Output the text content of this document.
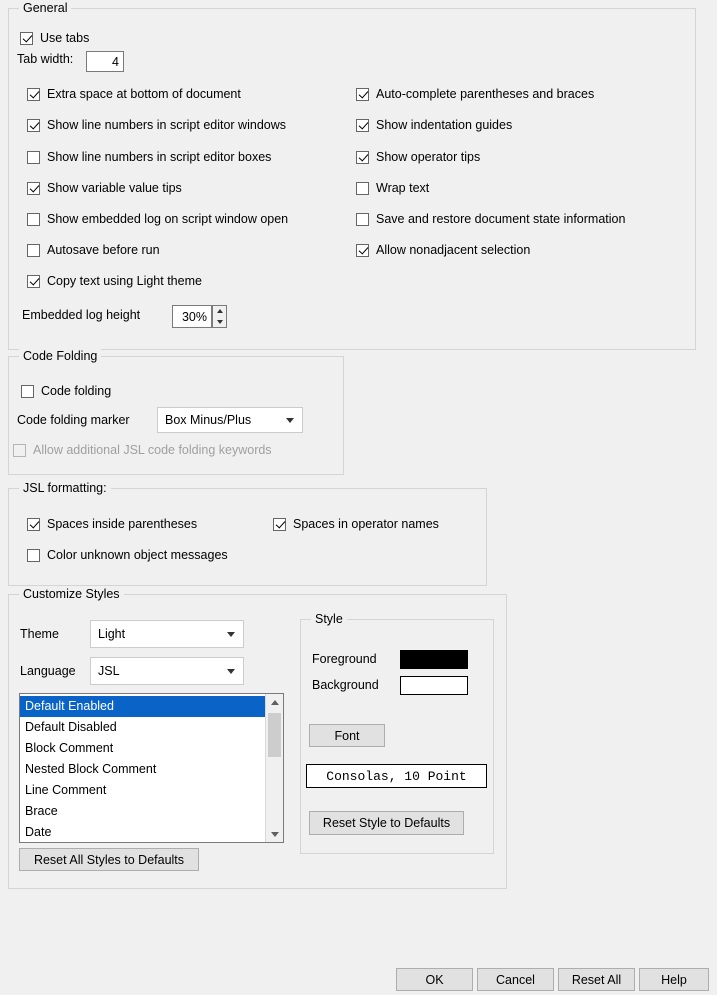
General
Use tabs
Tab width:
4
Extra space at bottom of document
Show line numbers in script editor windows
Show line numbers in script editor boxes
Show variable value tips
Show embedded log on script window open
Autosave before run
Copy text using Light theme
Auto-complete parentheses and braces
Show indentation guides
Show operator tips
Wrap text
Save and restore document state information
Allow nonadjacent selection
Embedded log height
30%
Code Folding
Code folding
Code folding marker	Box Minus/Plus
Allow additional JSL code folding keywords
JSL formatting:
Spaces inside parentheses	Spaces in operator names
Color unknown object messages
Customize Styles
Theme	Light
Language JSL
Default Enabled
Default Disabled
Block Comment
Nested Block Comment
Line Comment
Brace
Date
Reset All Styles to Defaults
Style
Foreground
Background
Font
Consolas, 10 Point
Reset Style to Defaults
OK	Cancel	Reset All	Help
